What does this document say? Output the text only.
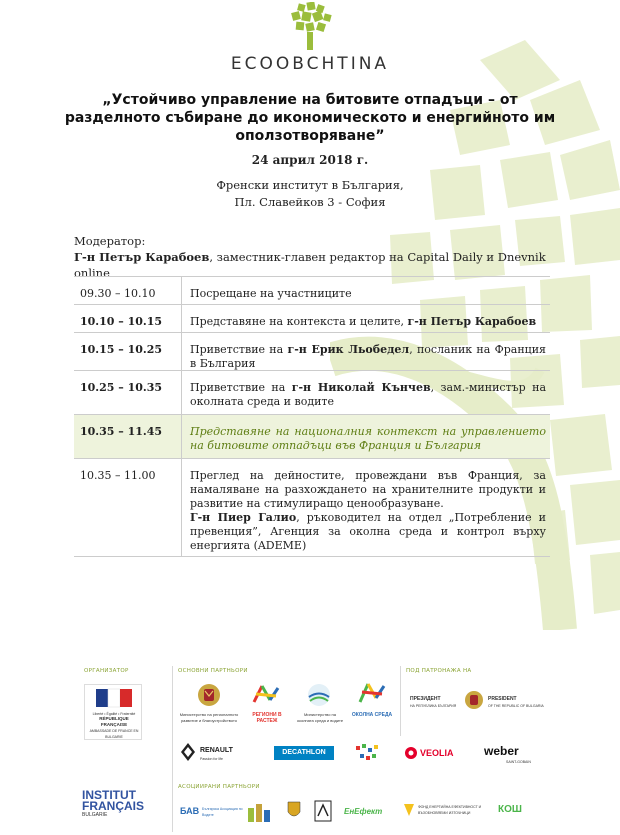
ECOOBCHTINA
„Устойчиво управление на битовите отпадъци – от разделното събиране до икономическото и енергийното им оползотворяване”
24 април 2018 г.
Френски институт в България,
Пл. Славейков 3 - София
Модератор:
Г-н Петър Карабоев, заместник-главен редактор на Capital Daily и Dnevnik online
09.30 – 10.10	Посрещане на участниците
10.10 – 10.15	Представяне на контекста и целите, г-н Петър Карабоев
10.15 – 10.25	Приветствие на г-н Ерик Льобедел, посланик на Франция в България
10.25 – 10.35	Приветствие на г-н Николай Кънчев, зам.-министър на околната среда и водите
10.35 – 11.45	Представяне на националния контекст на управлението на битовите отпадъци във Франция и България
10.35 – 11.00	Преглед на дейностите, провеждани във Франция, за намаляване на разхождането на хранителните продукти и развитие на стимулиращо ценообразуване.
Г-н Пиер Галио, ръководител на отдел „Потребление и превенция”, Агенция за околна среда и контрол върху енергията (ADEME)
ОРГАНИЗАТОР	ОСНОВНИ ПАРТНЬОРИ	ПОД ПАТРОНАЖА НА
АСОЦИИРАНИ ПАРТНЬОРИ
Liberté • Égalité • Fraternité
RÉPUBLIQUE FRANÇAISE
AMBASSADE DE FRANCE EN BULGARIE
INSTITUT
FRANÇAIS
BULGARIE
Министерство на регионалното развитие и благоустройството
РЕГИОНИ В РАСТЕЖ
Министерство на околната среда и водите
ОКОЛНА СРЕДА
ПРЕЗИДЕНТ
НА РЕПУБЛИКА БЪЛГАРИЯ
PRESIDENT
OF THE REPUBLIC OF BULGARIA
RENAULT
Passion for life
DECATHLON	VEOLIA	weber
SAINT-GOBAIN
БАВ Българска Асоциация по Водите	ЕнЕфект	ФОНД ЕНЕРГИЙНА ЕФЕКТИВНОСТ И ВЪЗОБНОВЯЕМИ ИЗТОЧНИЦИ	КОШ
